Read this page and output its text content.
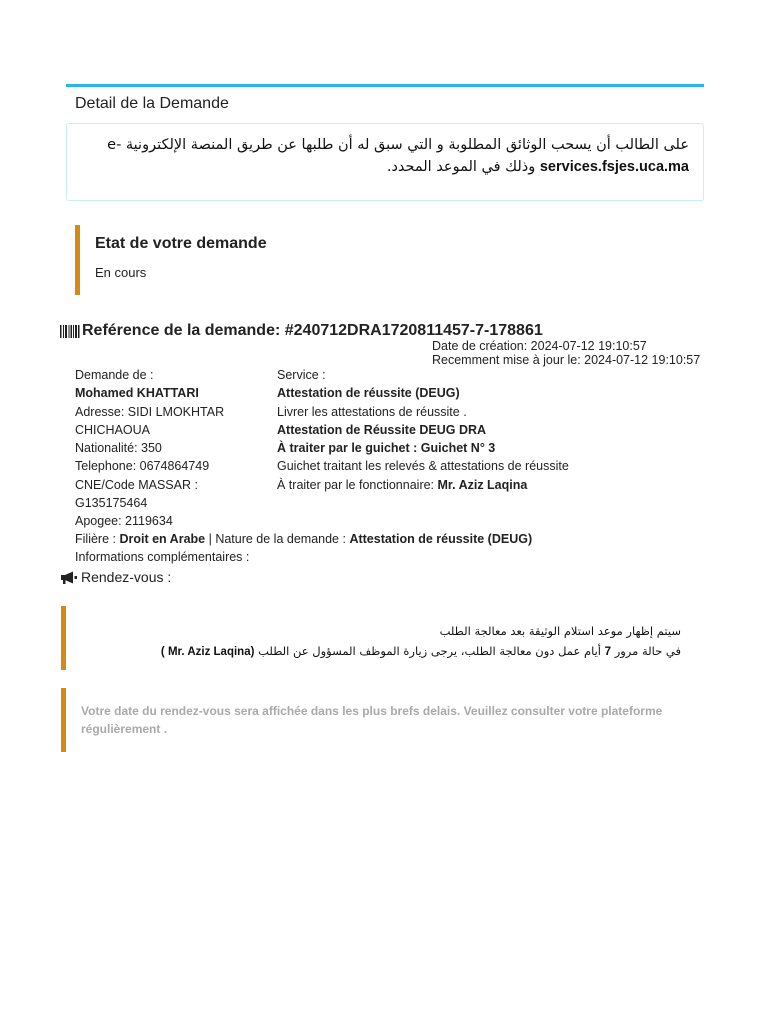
Detail de la Demande
على الطالب أن يسحب الوثائق المطلوبة و التي سبق له أن طلبها عن طريق المنصة الإلكترونية -e
services.fsjes.uca.ma وذلك في الموعد المحدد.
Etat de votre demande
En cours
Reférence de la demande: #240712DRA1720811457-7-178861
Date de création: 2024-07-12 19:10:57
Recemment mise à jour le: 2024-07-12 19:10:57
Demande de :
Mohamed KHATTARI
Adresse: SIDI LMOKHTAR CHICHAOUA
Nationalité: 350
Telephone: 0674864749
CNE/Code MASSAR : G135175464
Apogee: 2119634
Service :
Attestation de réussite (DEUG)
Livrer les attestations de réussite .
Attestation de Réussite DEUG DRA
À traiter par le guichet : Guichet N° 3
Guichet traitant les relevés & attestations de réussite
À traiter par le fonctionnaire: Mr. Aziz Laqina
Filière : Droit en Arabe | Nature de la demande : Attestation de réussite (DEUG)
Informations complémentaires :
Rendez-vous :
سيتم إظهار موعد استلام الوثيقة بعد معالجة الطلب
في حالة مرور 7 أيام عمل دون معالجة الطلب، يرجى زيارة الموظف المسؤول عن الطلب (Mr. Aziz Laqina )
Votre date du rendez-vous sera affichée dans les plus brefs delais. Veuillez consulter votre plateforme régulièrement .
